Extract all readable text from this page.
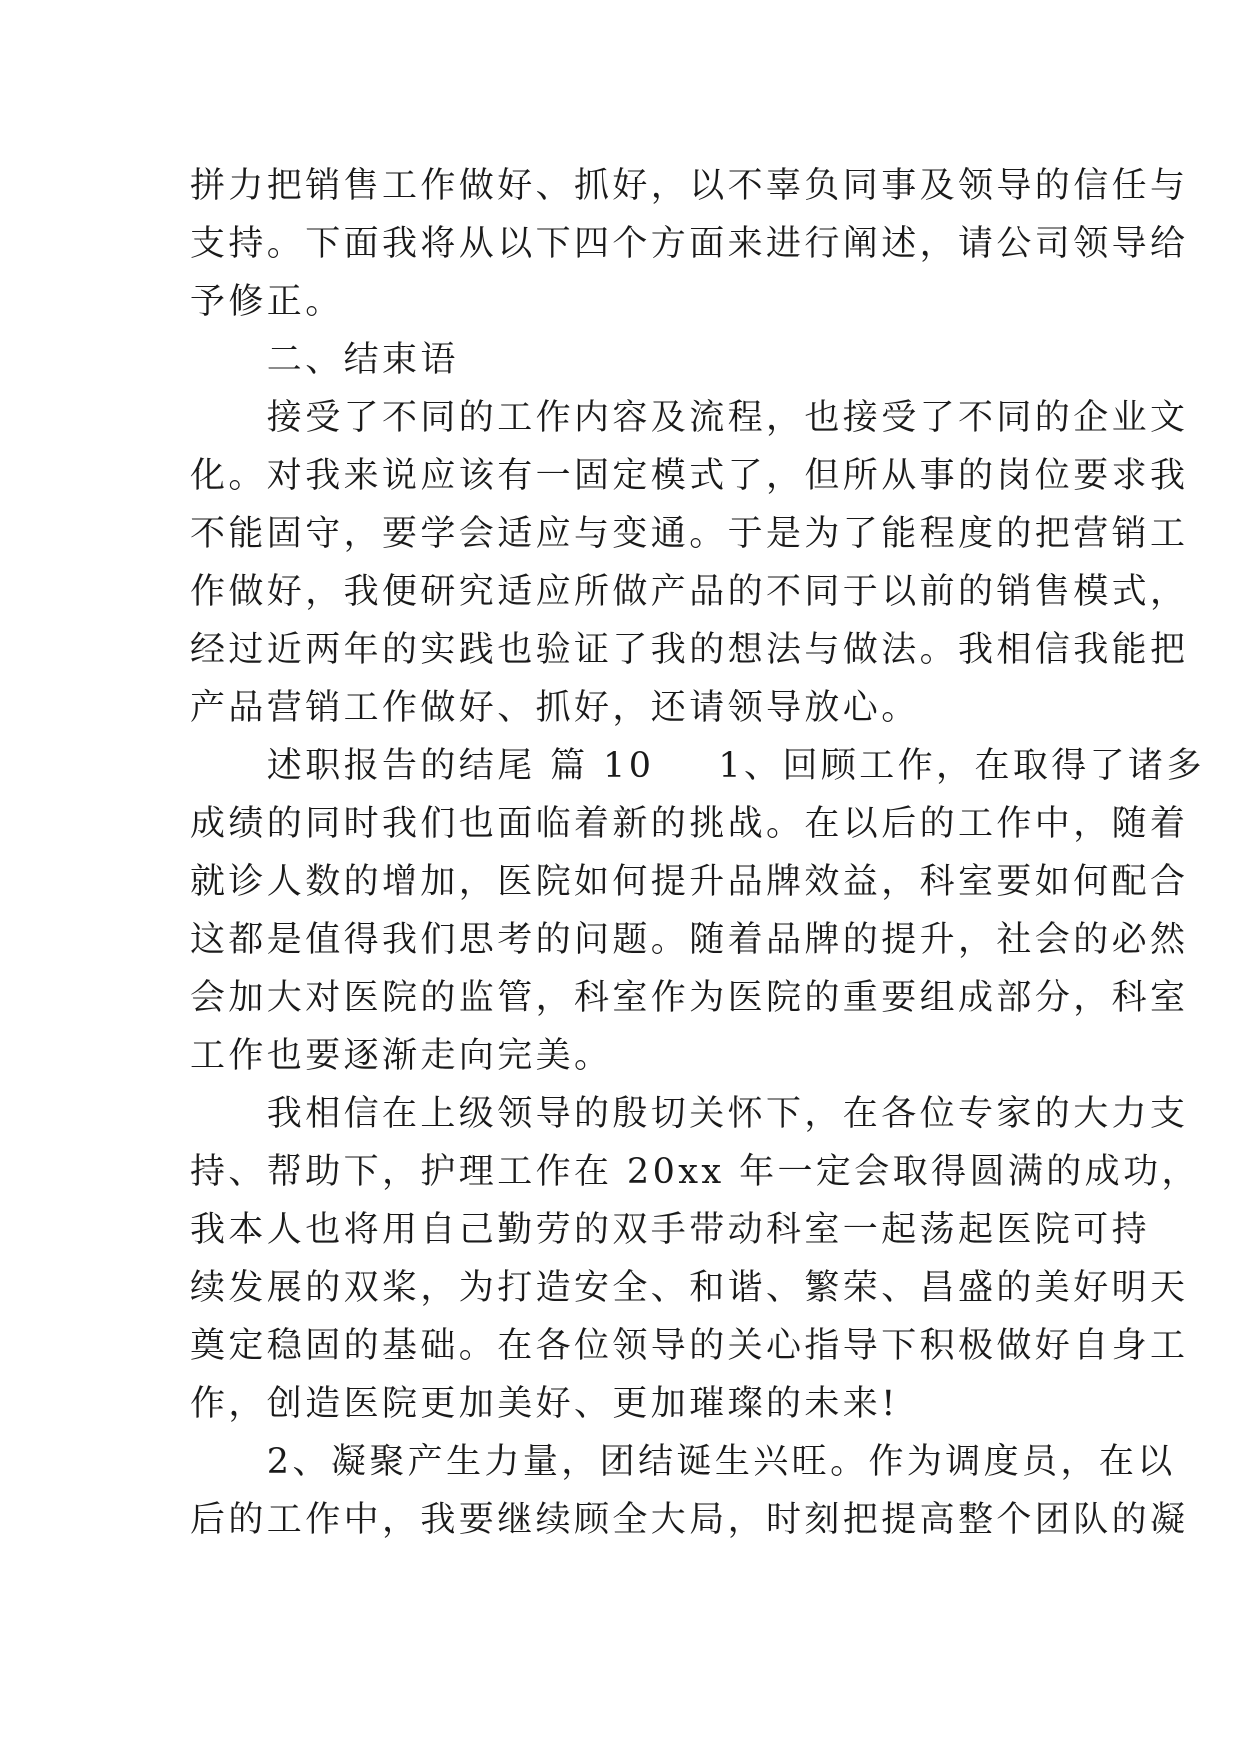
拼力把销售工作做好、抓好，以不辜负同事及领导的信任与
支持。下面我将从以下四个方面来进行阐述，请公司领导给
予修正。
　　二、结束语
　　接受了不同的工作内容及流程，也接受了不同的企业文
化。对我来说应该有一固定模式了，但所从事的岗位要求我
不能固守，要学会适应与变通。于是为了能程度的把营销工
作做好，我便研究适应所做产品的不同于以前的销售模式，
经过近两年的实践也验证了我的想法与做法。我相信我能把
产品营销工作做好、抓好，还请领导放心。
　　述职报告的结尾 篇 10 1、回顾工作，在取得了诸多
成绩的同时我们也面临着新的挑战。在以后的工作中，随着
就诊人数的增加，医院如何提升品牌效益，科室要如何配合
这都是值得我们思考的问题。随着品牌的提升，社会的必然
会加大对医院的监管，科室作为医院的重要组成部分，科室
工作也要逐渐走向完美。
　　我相信在上级领导的殷切关怀下，在各位专家的大力支
持、帮助下，护理工作在 20xx 年一定会取得圆满的成功，
我本人也将用自己勤劳的双手带动科室一起荡起医院可持
续发展的双桨，为打造安全、和谐、繁荣、昌盛的美好明天
奠定稳固的基础。在各位领导的关心指导下积极做好自身工
作，创造医院更加美好、更加璀璨的未来!
　　2、凝聚产生力量，团结诞生兴旺。作为调度员，在以
后的工作中，我要继续顾全大局，时刻把提高整个团队的凝
